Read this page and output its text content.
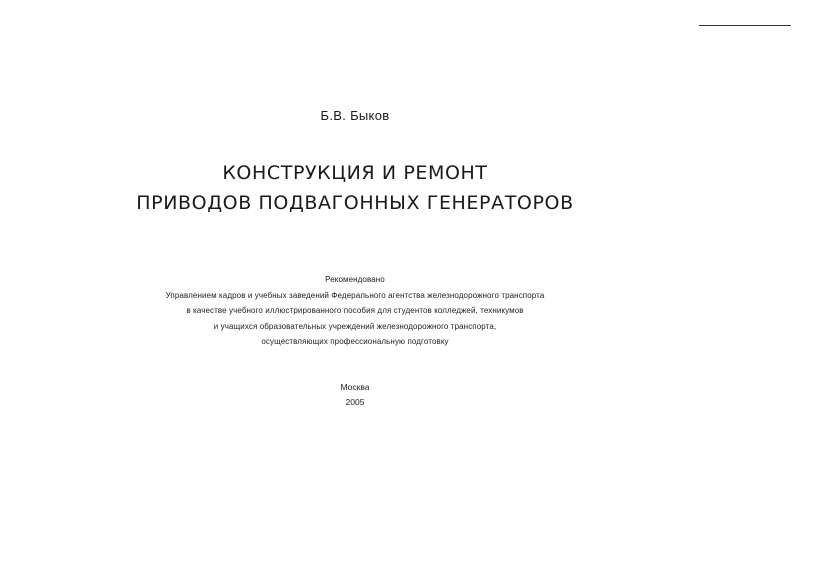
Б.В. Быков
КОНСТРУКЦИЯ И РЕМОНТ
ПРИВОДОВ ПОДВАГОННЫХ ГЕНЕРАТОРОВ
Рекомендовано
Управлением кадров и учебных заведений Федерального агентства железнодорожного транспорта
в качестве учебного иллюстрированного пособия для студентов колледжей, техникумов
и учащихся образовательных учреждений железнодорожного транспорта,
осуществляющих профессиональную подготовку
Москва
2005
